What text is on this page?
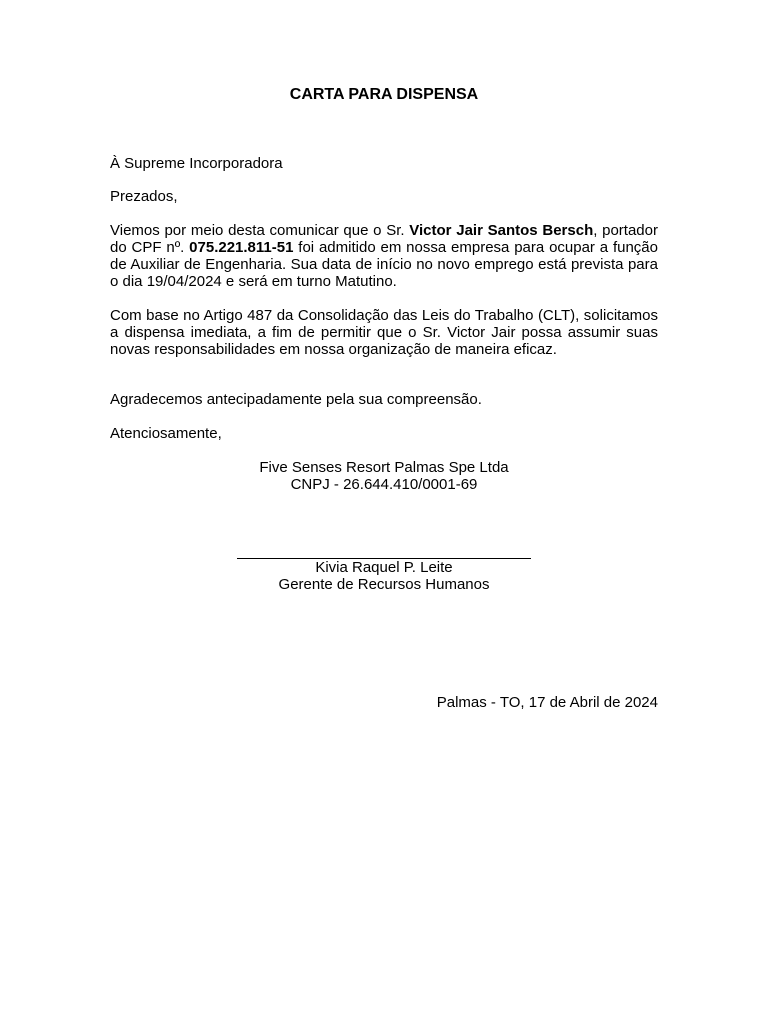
CARTA PARA DISPENSA
À Supreme Incorporadora
Prezados,
Viemos por meio desta comunicar que o Sr. Victor Jair Santos Bersch, portador do CPF nº. 075.221.811-51 foi admitido em nossa empresa para ocupar a função de Auxiliar de Engenharia. Sua data de início no novo emprego está prevista para o dia 19/04/2024 e será em turno Matutino.
Com base no Artigo 487 da Consolidação das Leis do Trabalho (CLT), solicitamos a dispensa imediata, a fim de permitir que o Sr. Victor Jair possa assumir suas novas responsabilidades em nossa organização de maneira eficaz.
Agradecemos antecipadamente pela sua compreensão.
Atenciosamente,
Five Senses Resort Palmas Spe Ltda
CNPJ - 26.644.410/0001-69
Kivia Raquel P. Leite
Gerente de Recursos Humanos
Palmas - TO, 17 de Abril de 2024
